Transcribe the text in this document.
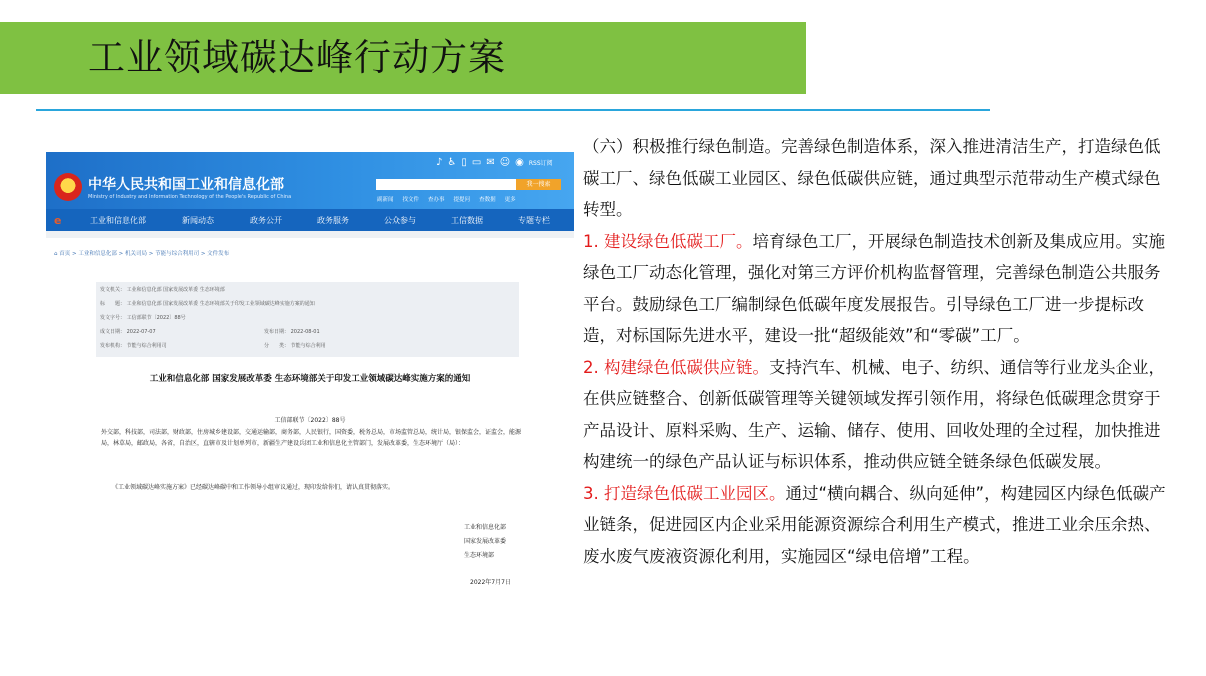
工业领域碳达峰行动方案
中华人民共和国工业和信息化部
Ministry of Industry and Information Technology of the People's Republic of China
♪♿▯▭✉☺◉RSS订阅
我一搜索
副新闻 找文件 查办事 提提问 查数据 更多
e	工业和信息化部	新闻动态	政务公开	政务服务	公众参与	工信数据	专题专栏
⌂ 首页 > 工业和信息化部 > 机关司局 > 节能与综合利用司 > 文件发布
发文机关： 工业和信息化部 国家发展改革委 生态环境部
标　　题： 工业和信息化部 国家发展改革委 生态环境部关于印发工业领域碳达峰实施方案的通知
发文字号： 工信部联节〔2022〕88号
成文日期： 2022-07-07	发布日期： 2022-08-01
发布机构： 节能与综合利用司	分　　类： 节能与综合利用
工业和信息化部 国家发展改革委 生态环境部关于印发工业领域碳达峰实施方案的通知
工信部联节〔2022〕88号
外交部，科技部，司法部，财政部，住房城乡建设部，交通运输部，商务部，人民银行，国资委，税务总局，市场监管总局，统计局，银保监会，证监会，能源局，林草局，邮政局，各省，自治区，直辖市及计划单列市，新疆生产建设兵团工业和信息化主管部门，发展改革委，生态环境厅（局）：
《工业领域碳达峰实施方案》已经碳达峰碳中和工作领导小组审议通过，现印发给你们，请认真贯彻落实。
工业和信息化部
国家发展改革委
生态环境部
2022年7月7日

（六）积极推行绿色制造。完善绿色制造体系，深入推进清洁生产，打造绿色低碳工厂、绿色低碳工业园区、绿色低碳供应链，通过典型示范带动生产模式绿色转型。

1. 建设绿色低碳工厂。培育绿色工厂，开展绿色制造技术创新及集成应用。实施绿色工厂动态化管理，强化对第三方评价机构监督管理，完善绿色制造公共服务平台。鼓励绿色工厂编制绿色低碳年度发展报告。引导绿色工厂进一步提标改造，对标国际先进水平，建设一批“超级能效”和“零碳”工厂。

2. 构建绿色低碳供应链。支持汽车、机械、电子、纺织、通信等行业龙头企业，在供应链整合、创新低碳管理等关键领域发挥引领作用，将绿色低碳理念贯穿于产品设计、原料采购、生产、运输、储存、使用、回收处理的全过程，加快推进构建统一的绿色产品认证与标识体系，推动供应链全链条绿色低碳发展。

3. 打造绿色低碳工业园区。通过“横向耦合、纵向延伸”，构建园区内绿色低碳产业链条，促进园区内企业采用能源资源综合利用生产模式，推进工业余压余热、废水废气废液资源化利用，实施园区“绿电倍增”工程。
